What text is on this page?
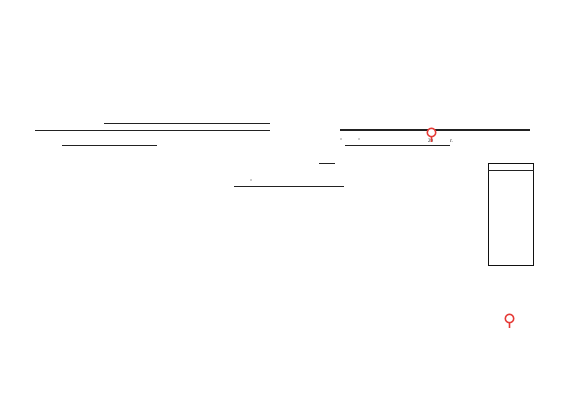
"	"	20	г.
"
